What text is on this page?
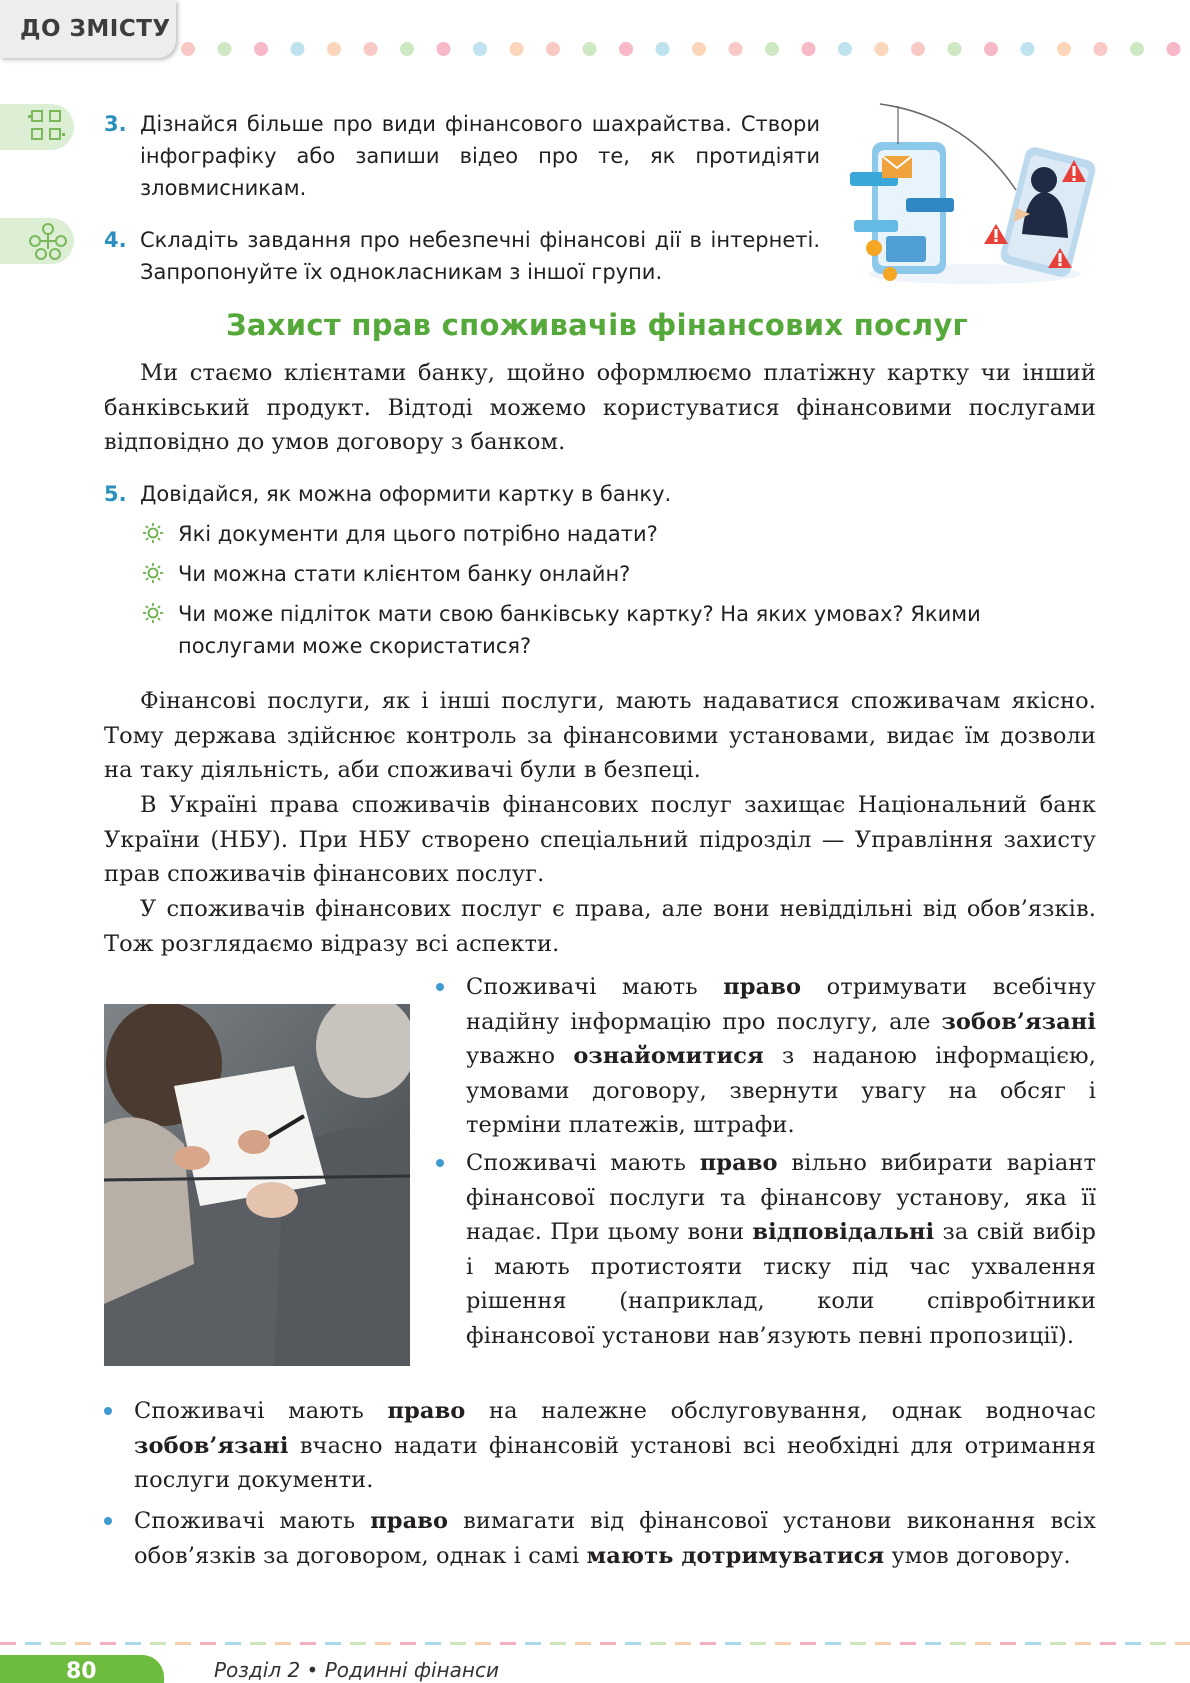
ДО ЗМІСТУ
3. Дізнайся більше про види фінансового шахрайства. Створи інфографіку або запиши відео про те, як протидіяти зловмисникам.
4. Складіть завдання про небезпечні фінансові дії в інтернеті. Запропонуйте їх однокласникам з іншої групи.
Захист прав споживачів фінансових послуг
Ми стаємо клієнтами банку, щойно оформлюємо платіжну картку чи інший банківський продукт. Відтоді можемо користуватися фінансовими послугами відповідно до умов договору з банком.
5. Довідайся, як можна оформити картку в банку.
Які документи для цього потрібно надати?
Чи можна стати клієнтом банку онлайн?
Чи може підліток мати свою банківську картку? На яких умовах? Якими послугами може скористатися?
Фінансові послуги, як і інші послуги, мають надаватися споживачам якісно. Тому держава здійснює контроль за фінансовими установами, видає їм дозволи на таку діяльність, аби споживачі були в безпеці.
В Україні права споживачів фінансових послуг захищає Національний банк України (НБУ). При НБУ створено спеціальний підрозділ — Управління захисту прав споживачів фінансових послуг.
У споживачів фінансових послуг є права, але вони невіддільні від обов’язків. Тож розглядаємо відразу всі аспекти.
Споживачі мають право отримувати всебічну надійну інформацію про послугу, але зобов’язані уважно ознайомитися з наданою інформацією, умовами договору, звернути увагу на обсяг і терміни платежів, штрафи.
Споживачі мають право вільно вибирати варіант фінансової послуги та фінансову установу, яка її надає. При цьому вони відповідальні за свій вибір і мають протистояти тиску під час ухвалення рішення (наприклад, коли співробітники фінансової установи нав’язують певні пропозиції).
Споживачі мають право на належне обслуговування, однак водночас зобов’язані вчасно надати фінансовій установі всі необхідні для отримання послуги документи.
Споживачі мають право вимагати від фінансової установи виконання всіх обов’язків за договором, однак і самі мають дотримуватися умов договору.
80	Розділ 2 • Родинні фінанси
